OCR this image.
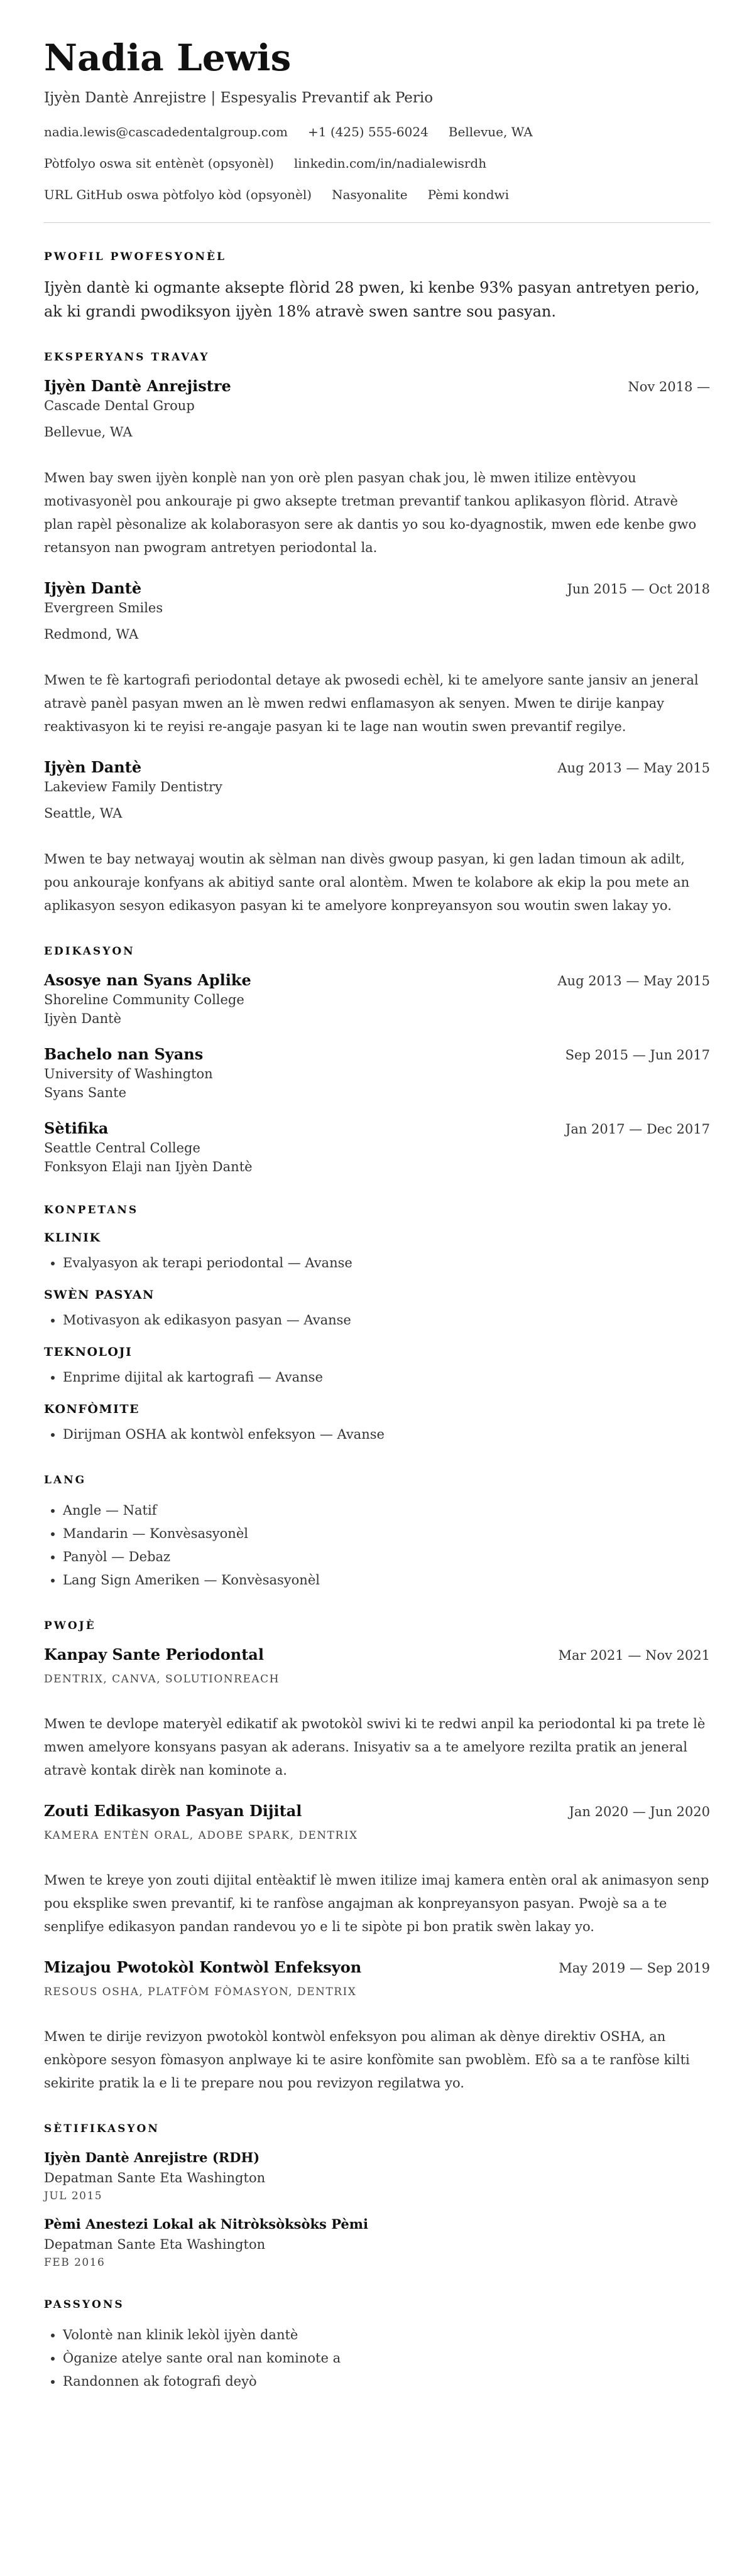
Nadia Lewis
Ijyèn Dantè Anrejistre | Espesyalis Prevantif ak Perio
nadia.lewis@cascadedentalgroup.com +1 (425) 555-6024 Bellevue, WA
Pòtfolyo oswa sit entènèt (opsyonèl) linkedin.com/in/nadialewisrdh
URL GitHub oswa pòtfolyo kòd (opsyonèl) Nasyonalite Pèmi kondwi
PWOFIL PWOFESYONÈL
Ijyèn dantè ki ogmante aksepte flòrid 28 pwen, ki kenbe 93% pasyan antretyen perio, ak ki grandi pwodiksyon ijyèn 18% atravè swen santre sou pasyan.
EKSPERYANS TRAVAY
Ijyèn Dantè Anrejistre	Nov 2018 —
Cascade Dental Group
Bellevue, WA
Mwen bay swen ijyèn konplè nan yon orè plen pasyan chak jou, lè mwen itilize entèvyou motivasyonèl pou ankouraje pi gwo aksepte tretman prevantif tankou aplikasyon flòrid. Atravè plan rapèl pèsonalize ak kolaborasyon sere ak dantis yo sou ko-dyagnostik, mwen ede kenbe gwo retansyon nan pwogram antretyen periodontal la.
Ijyèn Dantè	Jun 2015 — Oct 2018
Evergreen Smiles
Redmond, WA
Mwen te fè kartografi periodontal detaye ak pwosedi echèl, ki te amelyore sante jansiv an jeneral atravè panèl pasyan mwen an lè mwen redwi enflamasyon ak senyen. Mwen te dirije kanpay reaktivasyon ki te reyisi re-angaje pasyan ki te lage nan woutin swen prevantif regilye.
Ijyèn Dantè	Aug 2013 — May 2015
Lakeview Family Dentistry
Seattle, WA
Mwen te bay netwayaj woutin ak sèlman nan divès gwoup pasyan, ki gen ladan timoun ak adilt, pou ankouraje konfyans ak abitiyd sante oral alontèm. Mwen te kolabore ak ekip la pou mete an aplikasyon sesyon edikasyon pasyan ki te amelyore konpreyansyon sou woutin swen lakay yo.
EDIKASYON
Asosye nan Syans Aplike	Aug 2013 — May 2015
Shoreline Community College
Ijyèn Dantè
Bachelo nan Syans	Sep 2015 — Jun 2017
University of Washington
Syans Sante
Sètifika	Jan 2017 — Dec 2017
Seattle Central College
Fonksyon Elaji nan Ijyèn Dantè
KONPETANS
KLINIK
• Evalyasyon ak terapi periodontal — Avanse
SWÈN PASYAN
• Motivasyon ak edikasyon pasyan — Avanse
TEKNOLOJI
• Enprime dijital ak kartografi — Avanse
KONFÒMITE
• Dirijman OSHA ak kontwòl enfeksyon — Avanse
LANG
• Angle — Natif
• Mandarin — Konvèsasyonèl
• Panyòl — Debaz
• Lang Sign Ameriken — Konvèsasyonèl
PWOJÈ
Kanpay Sante Periodontal	Mar 2021 — Nov 2021
DENTRIX, CANVA, SOLUTIONREACH
Mwen te devlope materyèl edikatif ak pwotokòl swivi ki te redwi anpil ka periodontal ki pa trete lè mwen amelyore konsyans pasyan ak aderans. Inisyativ sa a te amelyore rezilta pratik an jeneral atravè kontak dirèk nan kominote a.
Zouti Edikasyon Pasyan Dijital	Jan 2020 — Jun 2020
KAMERA ENTÈN ORAL, ADOBE SPARK, DENTRIX
Mwen te kreye yon zouti dijital entèaktif lè mwen itilize imaj kamera entèn oral ak animasyon senp pou eksplike swen prevantif, ki te ranfòse angajman ak konpreyansyon pasyan. Pwojè sa a te senplifye edikasyon pandan randevou yo e li te sipòte pi bon pratik swèn lakay yo.
Mizajou Pwotokòl Kontwòl Enfeksyon	May 2019 — Sep 2019
RESOUS OSHA, PLATFÒM FÒMASYON, DENTRIX
Mwen te dirije revizyon pwotokòl kontwòl enfeksyon pou aliman ak dènye direktiv OSHA, an enkòpore sesyon fòmasyon anplwaye ki te asire konfòmite san pwoblèm. Efò sa a te ranfòse kilti sekirite pratik la e li te prepare nou pou revizyon regilatwa yo.
SÈTIFIKASYON
Ijyèn Dantè Anrejistre (RDH)
Depatman Sante Eta Washington
JUL 2015
Pèmi Anestezi Lokal ak Nitròksòksòks Pèmi
Depatman Sante Eta Washington
FEB 2016
PASSYONS
• Volontè nan klinik lekòl ijyèn dantè
• Òganize atelye sante oral nan kominote a
• Randonnen ak fotografi deyò
